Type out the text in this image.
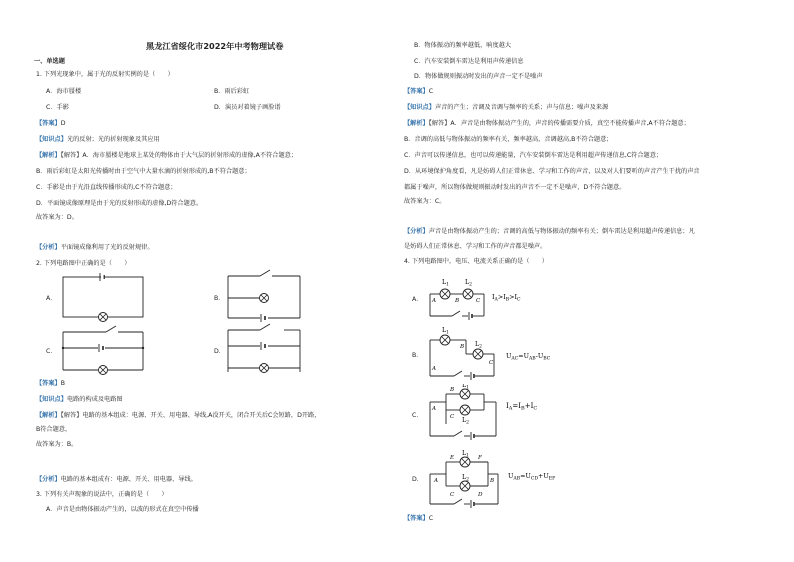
黑龙江省绥化市2022年中考物理试卷
一、单选题
1. 下列光现象中，属于光的反射实例的是（　　）
A．海市蜃楼	B．雨后彩虹
C．手影	D．演员对着镜子画脸谱
【答案】D
【知识点】光的反射；光的折射现象及其应用
【解析】【解答】A．海市蜃楼是地球上某处的物体由于大气层的折射形成的虚像,A不符合题意；
B．雨后彩虹是太阳光传播时由于空气中大量水滴的折射形成的,B不符合题意；
C．手影是由于光沿直线传播形成的,C不符合题意；
D．平面镜成像原理是由于光的反射形成的虚像,D符合题意。
故答案为：D。
【分析】平面镜成像利用了光的反射规律。
2. 下列电路图中正确的是（　　）
A．	B．
C．	D．
【答案】B
【知识点】电路的构成及电路图
【解析】【解答】电路的基本组成：电源、开关、用电器、导线,A没开关，闭合开关后C会短路，D开路，
B符合题意，
故答案为：B。
【分析】电路的基本组成有：电源、开关、用电器、导线。
3. 下列有关声现象的说法中，正确的是（　　）
A．声音是由物体振动产生的，以波的形式在真空中传播
B．物体振动的频率越低，响度越大
C．汽车安装倒车雷达是利用声传递信息
D．物体做规则振动时发出的声音一定不是噪声
【答案】C
【知识点】声音的产生；音调及音调与频率的关系；声与信息；噪声及来源
【解析】【解答】A．声音是由物体振动产生的，声音的传播需要介质，真空不能传播声音,A不符合题意；
B．音调的高低与物体振动的频率有关，频率越高，音调越高,B不符合题意；
C．声音可以传递信息，也可以传递能量，汽车安装倒车雷达是利用超声传递信息,C符合题意；
D．从环境保护角度看，凡是妨碍人们正常休息、学习和工作的声音，以及对人们要听的声音产生干扰的声音
都属于噪声，所以物体做规则振动时发出的声音不一定不是噪声，D不符合题意。
故答案为：C。
【分析】声音是由物体振动产生的；音调的高低与物体振动的频率有关；倒车雷达是利用超声传递信息；凡
是妨碍人们正常休息、学习和工作的声音都是噪声。
4. 下列电路图中，电压、电流关系正确的是（　　）
A．
$L_1$	$L_2$
A	B	C $I_A>I_B>I_C$
B．
$L_1$
$L_2$
A
B
C
$U_{AC}=U_{AB}-U_{BC}$
C．
$L_1$
$L_2$
A
B
C
$I_A=I_B+I_C$
D．
$L_1$
$L_2$
E	F
A	B
C	D
$U_{AB}=U_{CD}+U_{EF}$
【答案】C
